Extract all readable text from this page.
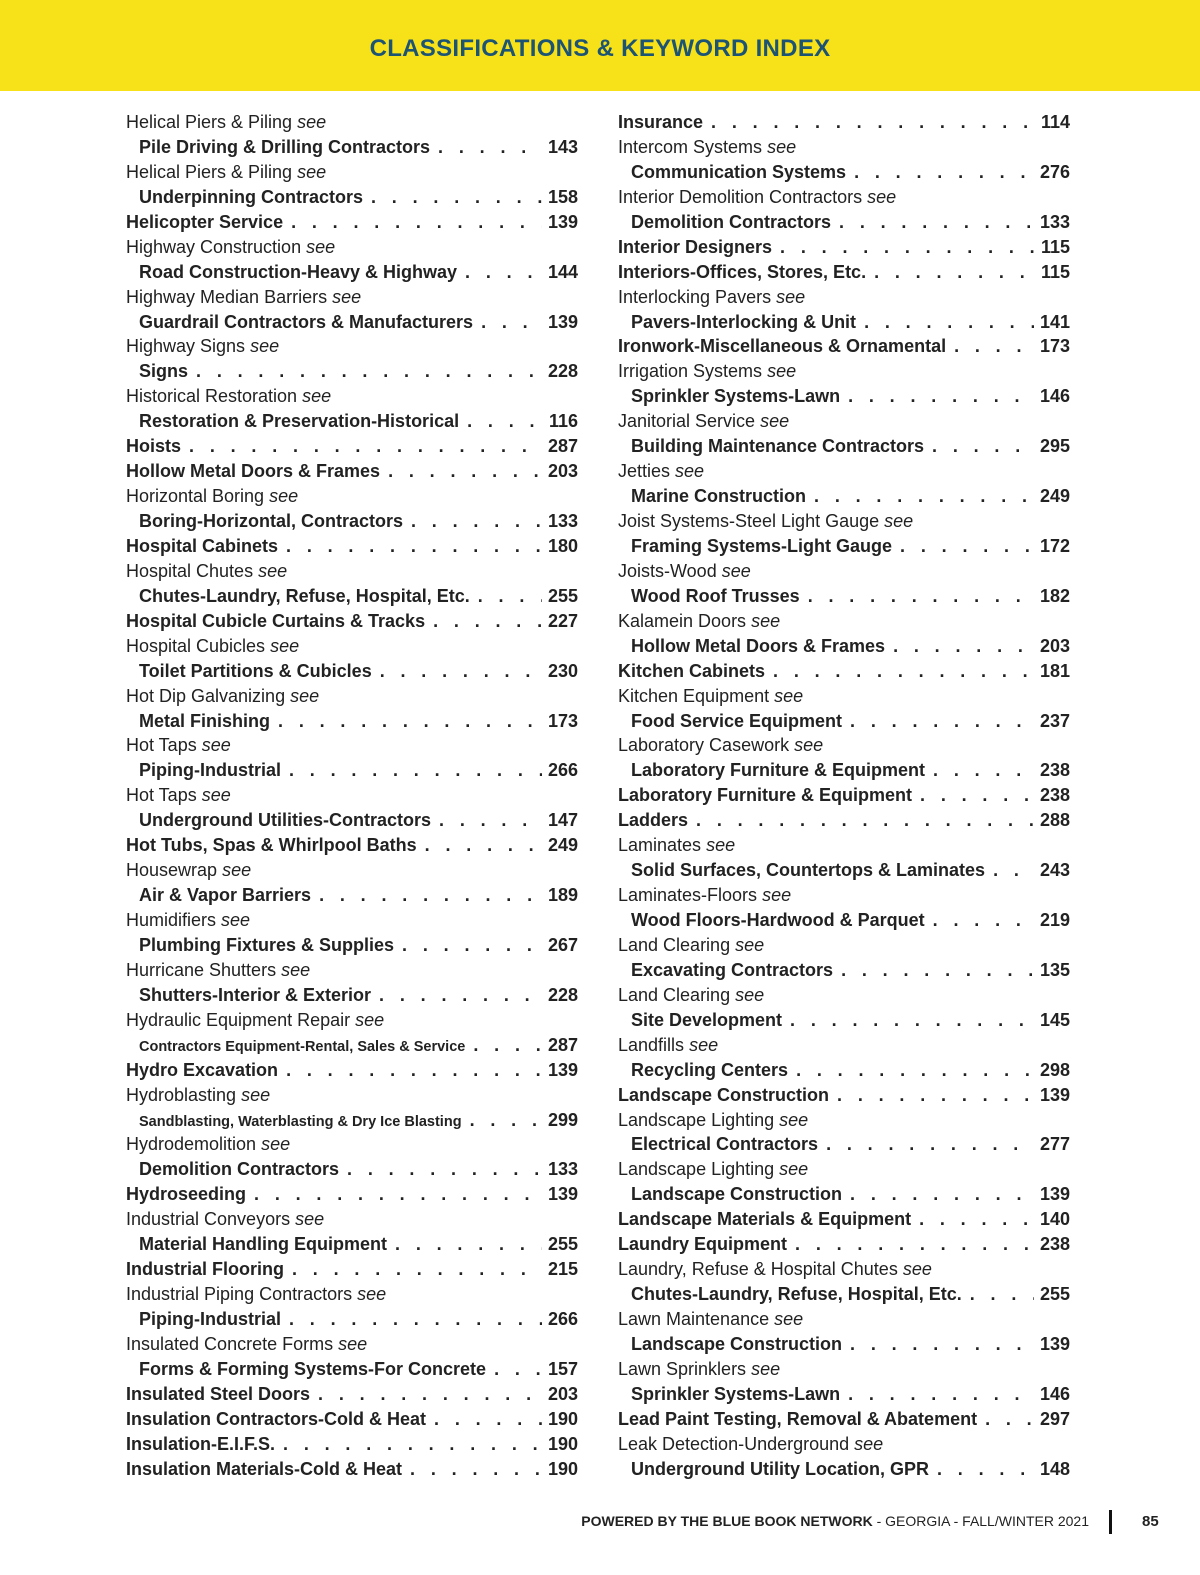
CLASSIFICATIONS & KEYWORD INDEX
Helical Piers & Piling see
Pile Driving & Drilling Contractors . . .	143
Helical Piers & Piling see
Underpinning Contractors . . .	158
Helicopter Service . . .	139
Highway Construction see
Road Construction-Heavy & Highway . . .	144
Highway Median Barriers see
Guardrail Contractors & Manufacturers . . .	139
Highway Signs see
Signs . . .	228
Historical Restoration see
Restoration & Preservation-Historical . . .	116
Hoists . . .	287
Hollow Metal Doors & Frames . . .	203
Horizontal Boring see
Boring-Horizontal, Contractors . . .	133
Hospital Cabinets . . .	180
Hospital Chutes see
Chutes-Laundry, Refuse, Hospital, Etc. . . .	255
Hospital Cubicle Curtains & Tracks . . .	227
Hospital Cubicles see
Toilet Partitions & Cubicles . . .	230
Hot Dip Galvanizing see
Metal Finishing . . .	173
Hot Taps see
Piping-Industrial . . .	266
Hot Taps see
Underground Utilities-Contractors . . .	147
Hot Tubs, Spas & Whirlpool Baths . . .	249
Housewrap see
Air & Vapor Barriers . . .	189
Humidifiers see
Plumbing Fixtures & Supplies . . .	267
Hurricane Shutters see
Shutters-Interior & Exterior . . .	228
Hydraulic Equipment Repair see
Contractors Equipment-Rental, Sales & Service . . .	287
Hydro Excavation . . .	139
Hydroblasting see
Sandblasting, Waterblasting & Dry Ice Blasting . . .	299
Hydrodemolition see
Demolition Contractors . . .	133
Hydroseeding . . .	139
Industrial Conveyors see
Material Handling Equipment . . .	255
Industrial Flooring . . .	215
Industrial Piping Contractors see
Piping-Industrial . . .	266
Insulated Concrete Forms see
Forms & Forming Systems-For Concrete . . .	157
Insulated Steel Doors . . .	203
Insulation Contractors-Cold & Heat . . .	190
Insulation-E.I.F.S. . . .	190
Insulation Materials-Cold & Heat . . .	190
Insurance . . .	114
Intercom Systems see
Communication Systems . . .	276
Interior Demolition Contractors see
Demolition Contractors . . .	133
Interior Designers . . .	115
Interiors-Offices, Stores, Etc. . . .	115
Interlocking Pavers see
Pavers-Interlocking & Unit . . .	141
Ironwork-Miscellaneous & Ornamental . . .	173
Irrigation Systems see
Sprinkler Systems-Lawn . . .	146
Janitorial Service see
Building Maintenance Contractors . . .	295
Jetties see
Marine Construction . . .	249
Joist Systems-Steel Light Gauge see
Framing Systems-Light Gauge . . .	172
Joists-Wood see
Wood Roof Trusses . . .	182
Kalamein Doors see
Hollow Metal Doors & Frames . . .	203
Kitchen Cabinets . . .	181
Kitchen Equipment see
Food Service Equipment . . .	237
Laboratory Casework see
Laboratory Furniture & Equipment . . .	238
Laboratory Furniture & Equipment . . .	238
Ladders . . .	288
Laminates see
Solid Surfaces, Countertops & Laminates . . .	243
Laminates-Floors see
Wood Floors-Hardwood & Parquet . . .	219
Land Clearing see
Excavating Contractors . . .	135
Land Clearing see
Site Development . . .	145
Landfills see
Recycling Centers . . .	298
Landscape Construction . . .	139
Landscape Lighting see
Electrical Contractors . . .	277
Landscape Lighting see
Landscape Construction . . .	139
Landscape Materials & Equipment . . .	140
Laundry Equipment . . .	238
Laundry, Refuse & Hospital Chutes see
Chutes-Laundry, Refuse, Hospital, Etc. . . .	255
Lawn Maintenance see
Landscape Construction . . .	139
Lawn Sprinklers see
Sprinkler Systems-Lawn . . .	146
Lead Paint Testing, Removal & Abatement . . .	297
Leak Detection-Underground see
Underground Utility Location, GPR . . .	148
POWERED BY THE BLUE BOOK NETWORK - GEORGIA - FALL/WINTER 2021	85
